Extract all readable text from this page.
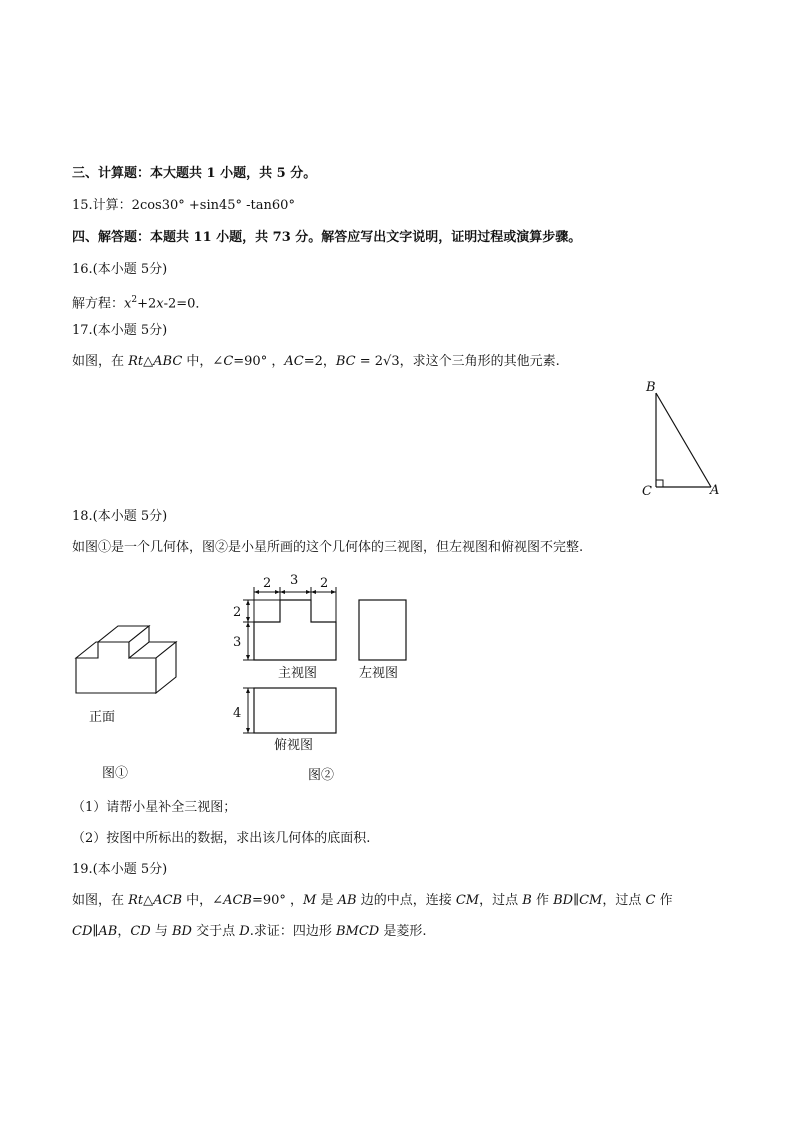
三、计算题：本大题共 1 小题，共 5 分。
15.计算：2cos30° +sin45° -tan60°
四、解答题：本题共 11 小题，共 73 分。解答应写出文字说明，证明过程或演算步骤。
16.(本小题 5分)
解方程：$x^2+2x-2=0$．
17.(本小题 5分)
如图，在 Rt△ABC 中，∠C=90° ，AC=2，BC = 2√3，求这个三角形的其他元素.
B
C	A
18.(本小题 5分)
如图①是一个几何体，图②是小星所画的这个几何体的三视图，但左视图和俯视图不完整.
正面
图①
2 3 2
2
3
4
主视图	左视图
俯视图
图②
（1）请帮小星补全三视图；
（2）按图中所标出的数据，求出该几何体的底面积.
19.(本小题 5分)
如图，在 Rt△ACB 中，∠ACB=90° ，M 是 AB 边的中点，连接 CM，过点 B 作 BD∥CM，过点 C 作
CD∥AB，CD 与 BD 交于点 D.求证：四边形 BMCD 是菱形.
